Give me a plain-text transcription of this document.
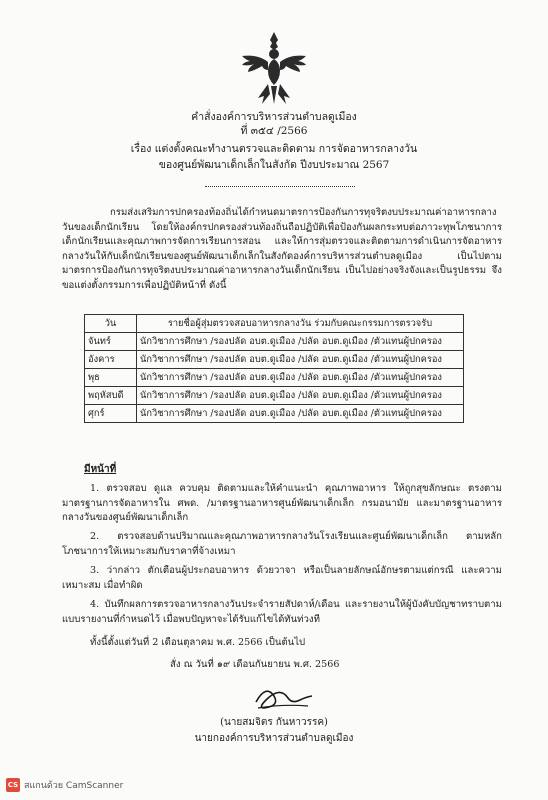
คำสั่งองค์การบริหารส่วนตำบลดูเมือง
ที่ ๓๕๔ /2566
เรื่อง แต่งตั้งคณะทำงานตรวจและติดตาม การจัดอาหารกลางวัน
ของศูนย์พัฒนาเด็กเล็กในสังกัด ปีงบประมาณ 2567
กรมส่งเสริมการปกครองท้องถิ่นได้กำหนดมาตรการป้องกันการทุจริตงบประมาณค่าอาหารกลางวันของเด็กนักเรียน โดยให้องค์กรปกครองส่วนท้องถิ่นถือปฏิบัติเพื่อป้องกันผลกระทบต่อภาวะทุพโภชนาการเด็กนักเรียนและคุณภาพการจัดการเรียนการสอน และให้การสุ่มตรวจและติดตามการดำเนินการจัดอาหารกลางวันให้กับเด็กนักเรียนของศูนย์พัฒนาเด็กเล็กในสังกัดองค์การบริหารส่วนตำบลดูเมือง เป็นไปตามมาตรการป้องกันการทุจริตงบประมาณค่าอาหารกลางวันเด็กนักเรียน เป็นไปอย่างจริงจังและเป็นรูปธรรม จึงขอแต่งตั้งกรรมการเพื่อปฏิบัติหน้าที่ ดังนี้
วัน	รายชื่อผู้สุ่มตรวจสอบอาหารกลางวัน ร่วมกับคณะกรรมการตรวจรับ
จันทร์	นักวิชาการศึกษา /รองปลัด อบต.ดูเมือง /ปลัด อบต.ดูเมือง /ตัวแทนผู้ปกครอง
อังคาร	นักวิชาการศึกษา /รองปลัด อบต.ดูเมือง /ปลัด อบต.ดูเมือง /ตัวแทนผู้ปกครอง
พุธ	นักวิชาการศึกษา /รองปลัด อบต.ดูเมือง /ปลัด อบต.ดูเมือง /ตัวแทนผู้ปกครอง
พฤหัสบดี	นักวิชาการศึกษา /รองปลัด อบต.ดูเมือง /ปลัด อบต.ดูเมือง /ตัวแทนผู้ปกครอง
ศุกร์	นักวิชาการศึกษา /รองปลัด อบต.ดูเมือง /ปลัด อบต.ดูเมือง /ตัวแทนผู้ปกครอง
มีหน้าที่
1. ตรวจสอบ ดูแล ควบคุม ติดตามและให้คำแนะนำ คุณภาพอาหาร ให้ถูกสุขลักษณะ ตรงตามมาตรฐานการจัดอาหารใน ศพด. /มาตรฐานอาหารศูนย์พัฒนาเด็กเล็ก กรมอนามัย และมาตรฐานอาหารกลางวันของศูนย์พัฒนาเด็กเล็ก
2. ตรวจสอบด้านปริมาณและคุณภาพอาหารกลางวันโรงเรียนและศูนย์พัฒนาเด็กเล็ก ตามหลักโภชนาการให้เหมาะสมกับราคาที่จ้างเหมา
3. ว่ากล่าว ตักเตือนผู้ประกอบอาหาร ด้วยวาจา หรือเป็นลายลักษณ์อักษรตามแต่กรณี และความเหมาะสม เมื่อทำผิด
4. บันทึกผลการตรวจอาหารกลางวันประจำรายสัปดาห์/เดือน และรายงานให้ผู้บังคับบัญชาทราบตามแบบรายงานที่กำหนดไว้ เมื่อพบปัญหาจะได้รับแก้ไขได้ทันท่วงที
ทั้งนี้ตั้งแต่วันที่ 2 เดือนตุลาคม พ.ศ. 2566 เป็นต้นไป
สั่ง ณ วันที่ ๑๙ เดือนกันยายน พ.ศ. 2566
(นายสมจิตร กันหาวรรค)
นายกองค์การบริหารส่วนตำบลดูเมือง
CS สแกนด้วย CamScanner
